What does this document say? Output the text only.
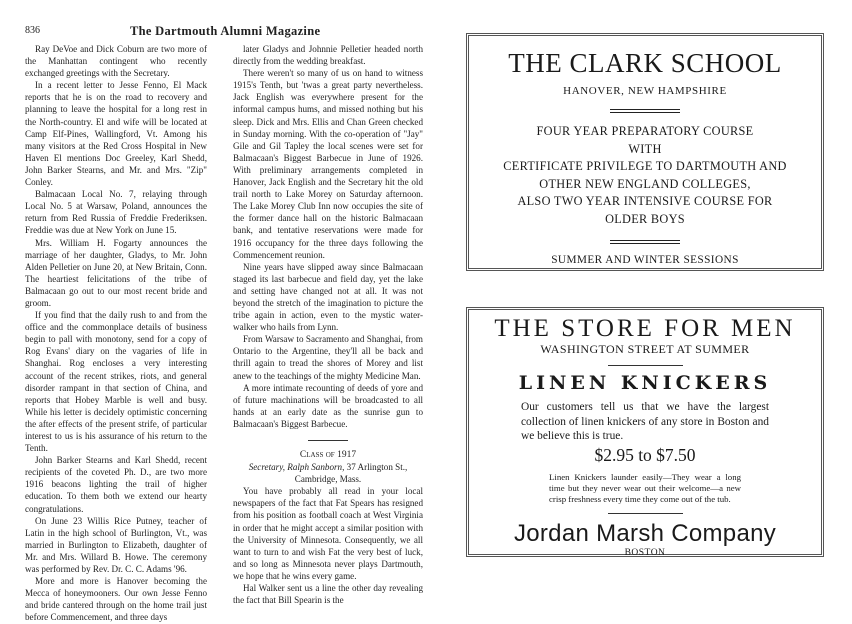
836	The Dartmouth Alumni Magazine

Ray DeVoe and Dick Coburn are two more of the Manhattan contingent who recently exchanged greetings with the Secretary.

In a recent letter to Jesse Fenno, El Mack reports that he is on the road to recovery and planning to leave the hospital for a long rest in the North-country. El and wife will be located at Camp Elf-Pines, Wallingford, Vt. Among his many visitors at the Red Cross Hospital in New Haven El mentions Doc Greeley, Karl Shedd, John Barker Stearns, and Mr. and Mrs. "Zip" Conley.

Balmacaan Local No. 7, relaying through Local No. 5 at Warsaw, Poland, announces the return from Red Russia of Freddie Frederiksen. Freddie was due at New York on June 15.

Mrs. William H. Fogarty announces the marriage of her daughter, Gladys, to Mr. John Alden Pelletier on June 20, at New Britain, Conn. The heartiest felicitations of the tribe of Balmacaan go out to our most recent bride and groom.

If you find that the daily rush to and from the office and the commonplace details of business begin to pall with monotony, send for a copy of Rog Evans' diary on the vagaries of life in Shanghai. Rog encloses a very interesting account of the recent strikes, riots, and general disorder rampant in that section of China, and reports that Hobey Marble is well and busy. While his letter is decidely optimistic concerning the after effects of the present strife, of particular interest to us is his assurance of his return to the Tenth.

John Barker Stearns and Karl Shedd, recent recipients of the coveted Ph. D., are two more 1916 beacons lighting the trail of higher education. To them both we extend our hearty congratulations.

On June 23 Willis Rice Putney, teacher of Latin in the high school of Burlington, Vt., was married in Burlington to Elizabeth, daughter of Mr. and Mrs. Willard B. Howe. The ceremony was performed by Rev. Dr. C. C. Adams '96.

More and more is Hanover becoming the Mecca of honeymooners. Our own Jesse Fenno and bride cantered through on the home trail just before Commencement, and three days

later Gladys and Johnnie Pelletier headed north directly from the wedding breakfast.

There weren't so many of us on hand to witness 1915's Tenth, but 'twas a great party nevertheless. Jack English was everywhere present for the informal campus hums, and missed nothing but his sleep. Dick and Mrs. Ellis and Chan Green checked in Sunday morning. With the co-operation of "Jay" Gile and Gil Tapley the local scenes were set for Balmacaan's Biggest Barbecue in June of 1926. With preliminary arrangements completed in Hanover, Jack English and the Secretary hit the old trail north to Lake Morey on Saturday afternoon. The Lake Morey Club Inn now occupies the site of the former dance hall on the historic Balmacaan bank, and tentative reservations were made for 1916 occupancy for the three days following the Commencement reunion.

Nine years have slipped away since Balmacaan staged its last barbecue and field day, yet the lake and setting have changed not at all. It was not beyond the stretch of the imagination to picture the tribe again in action, even to the mystic water-walker who hails from Lynn.

From Warsaw to Sacramento and Shanghai, from Ontario to the Argentine, they'll all be back and thrill again to tread the shores of Morey and list anew to the teachings of the mighty Medicine Man.

A more intimate recounting of deeds of yore and of future machinations will be broadcasted to all hands at an early date as the sunrise gun to Balmacaan's Biggest Barbecue.

Class of 1917

Secretary, Ralph Sanborn, 37 Arlington St., Cambridge, Mass.

You have probably all read in your local newspapers of the fact that Fat Spears has resigned from his position as football coach at West Virginia in order that he might accept a similar position with the University of Minnesota. Consequently, we all want to turn to and wish Fat the very best of luck, and so long as Minnesota never plays Dartmouth, we hope that he wins every game.

Hal Walker sent us a line the other day revealing the fact that Bill Spearin is the

THE CLARK SCHOOL
HANOVER, NEW HAMPSHIRE
FOUR YEAR PREPARATORY COURSE
WITH
CERTIFICATE PRIVILEGE TO DARTMOUTH AND
OTHER NEW ENGLAND COLLEGES,
ALSO TWO YEAR INTENSIVE COURSE FOR
OLDER BOYS
SUMMER AND WINTER SESSIONS
THE STORE FOR MEN
WASHINGTON STREET AT SUMMER
LINEN KNICKERS
Our customers tell us that we have the largest collection of linen knickers of any store in Boston and we believe this is true.
$2.95 to $7.50
Linen Knickers launder easily—They wear a long time but they never wear out their welcome—a new crisp freshness every time they come out of the tub.
Jordan Marsh Company
BOSTON
